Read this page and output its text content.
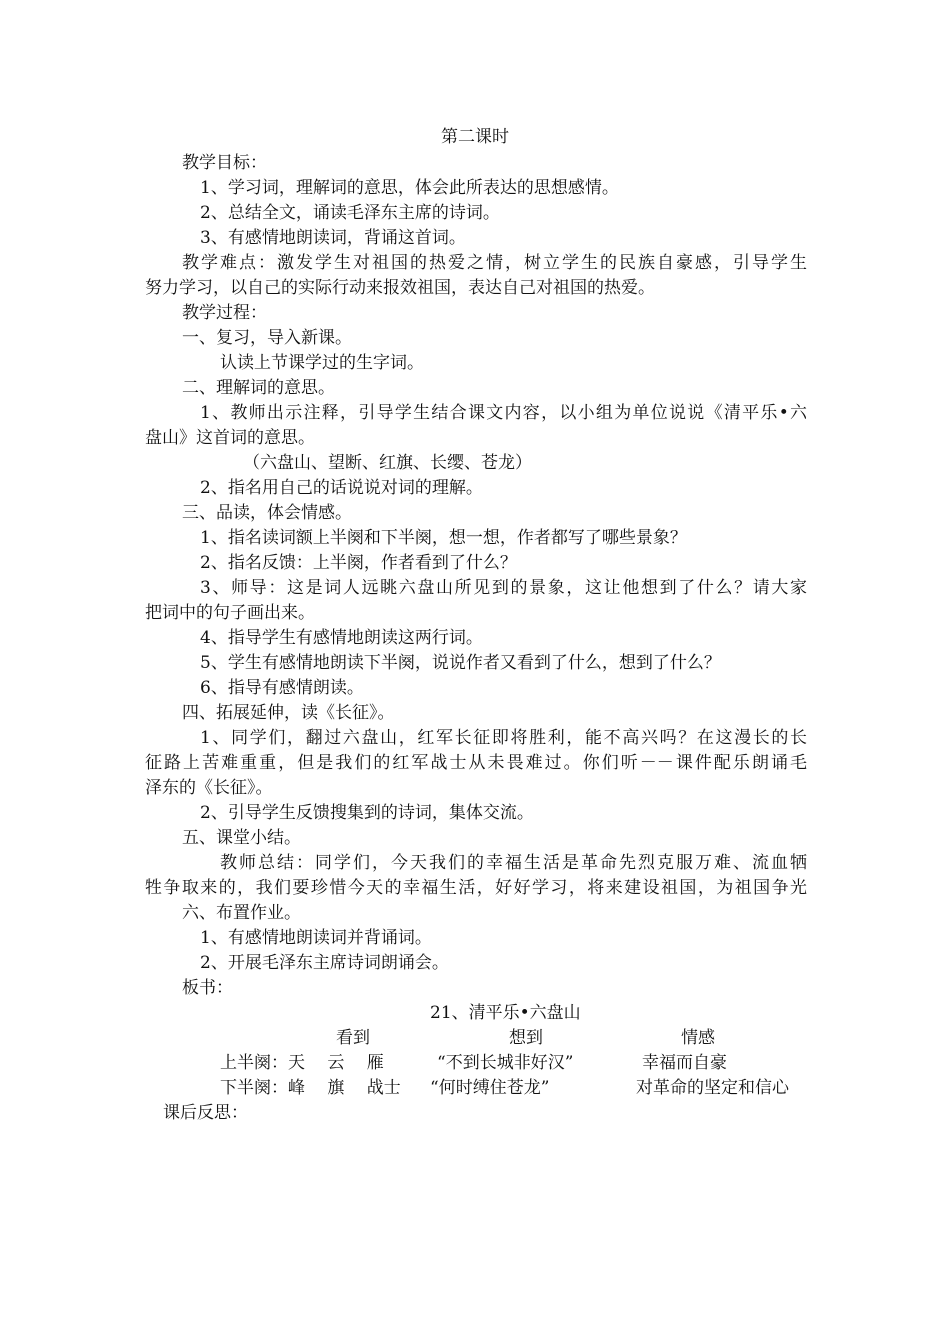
第二课时
教学目标：
1、学习词，理解词的意思，体会此所表达的思想感情。
2、总结全文，诵读毛泽东主席的诗词。
3、有感情地朗读词，背诵这首词。
教学难点：激发学生对祖国的热爱之情，树立学生的民族自豪感，引导学生
努力学习，以自己的实际行动来报效祖国，表达自己对祖国的热爱。
教学过程：
一、复习，导入新课。
认读上节课学过的生字词。
二、理解词的意思。
1、教师出示注释，引导学生结合课文内容，以小组为单位说说《清平乐•六
盘山》这首词的意思。
（六盘山、望断、红旗、长缨、苍龙）
2、指名用自己的话说说对词的理解。
三、品读，体会情感。
1、指名读词额上半阕和下半阕，想一想，作者都写了哪些景象？
2、指名反馈：上半阕，作者看到了什么？
3、师导：这是词人远眺六盘山所见到的景象，这让他想到了什么？请大家
把词中的句子画出来。
4、指导学生有感情地朗读这两行词。
5、学生有感情地朗读下半阕，说说作者又看到了什么，想到了什么？
6、指导有感情朗读。
四、拓展延伸，读《长征》。
1、同学们，翻过六盘山，红军长征即将胜利，能不高兴吗？在这漫长的长
征路上苦难重重，但是我们的红军战士从未畏难过。你们听－－课件配乐朗诵毛
泽东的《长征》。
2、引导学生反馈搜集到的诗词，集体交流。
五、课堂小结。
教师总结：同学们，今天我们的幸福生活是革命先烈克服万难、流血牺
牲争取来的，我们要珍惜今天的幸福生活，好好学习，将来建设祖国，为祖国争光
六、布置作业。
1、有感情地朗读词并背诵词。
2、开展毛泽东主席诗词朗诵会。
板书：
21、清平乐•六盘山
看到	想到	情感
上半阕：天　 云　 雁	“不到长城非好汉”	幸福而自豪
下半阕：峰　 旗　 战士 “何时缚住苍龙”	对革命的坚定和信心
课后反思：
